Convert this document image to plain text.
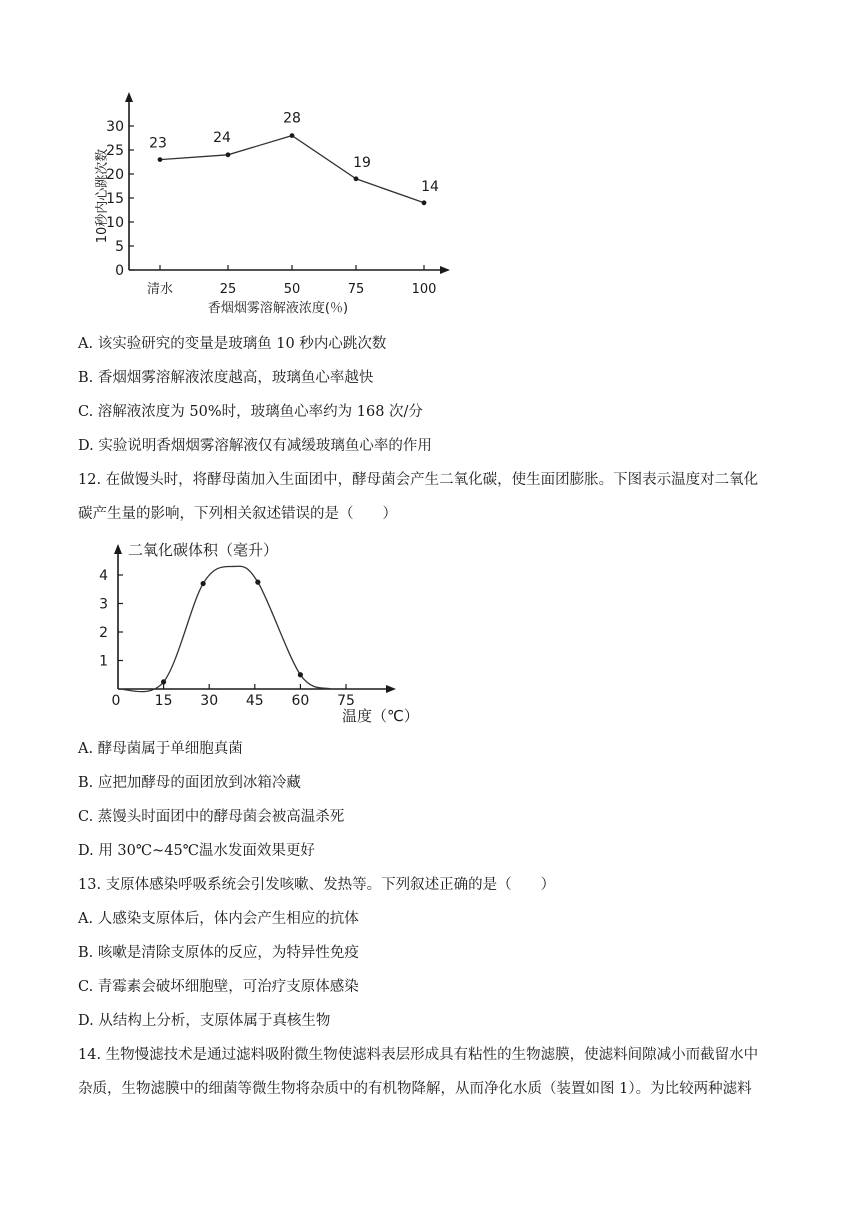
0
5
10
15
20
25
30
清水	25	50	75	100
23	24
28
19
14
10秒内心跳次数
香烟烟雾溶解液浓度(％)
A. 该实验研究的变量是玻璃鱼 10 秒内心跳次数
B. 香烟烟雾溶解液浓度越高，玻璃鱼心率越快
C. 溶解液浓度为 50%时，玻璃鱼心率约为 168 次/分
D. 实验说明香烟烟雾溶解液仅有减缓玻璃鱼心率的作用
12. 在做馒头时，将酵母菌加入生面团中，酵母菌会产生二氧化碳，使生面团膨胀。下图表示温度对二氧化
碳产生量的影响，下列相关叙述错误的是（　　）
1
2
3
4
0 15 30 45 60 75
二氧化碳体积（毫升）
温度（℃）
A. 酵母菌属于单细胞真菌
B. 应把加酵母的面团放到冰箱冷藏
C. 蒸馒头时面团中的酵母菌会被高温杀死
D. 用 30℃~45℃温水发面效果更好
13. 支原体感染呼吸系统会引发咳嗽、发热等。下列叙述正确的是（　　）
A. 人感染支原体后，体内会产生相应的抗体
B. 咳嗽是清除支原体的反应，为特异性免疫
C. 青霉素会破坏细胞壁，可治疗支原体感染
D. 从结构上分析，支原体属于真核生物
14. 生物慢滤技术是通过滤料吸附微生物使滤料表层形成具有粘性的生物滤膜，使滤料间隙减小而截留水中
杂质，生物滤膜中的细菌等微生物将杂质中的有机物降解，从而净化水质（装置如图 1）。为比较两种滤料
